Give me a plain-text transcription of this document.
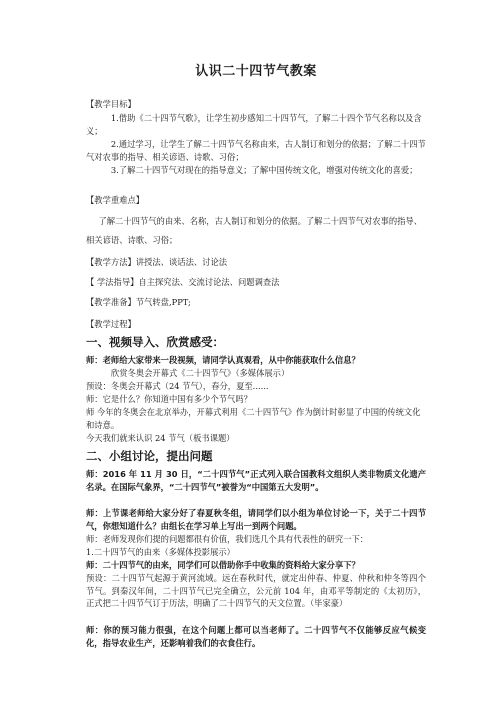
认识二十四节气教案
【教学目标】
1.借助《二十四节气歌》，让学生初步感知二十四节气，了解二十四个节气名称以及含义；
2.通过学习，让学生了解二十四节气名称由来，古人制订和划分的依据；了解二十四节气对农事的指导、相关谚语、诗歌、习俗；
3.了解二十四节气对现在的指导意义；了解中国传统文化，增强对传统文化的喜爱；
【教学重难点】
了解二十四节气的由来、名称，古人制订和划分的依据。了解二十四节气对农事的指导、相关谚语、诗歌、习俗；
【教学方法】讲授法、谈话法、讨论法
【 学法指导】自主探究法、交流讨论法、问题调查法
【教学准备】节气转盘,PPT;
【教学过程】
一、视频导入、欣赏感受：
师：老师给大家带来一段视频，请同学认真观看，从中你能获取什么信息？
欣赏冬奥会开幕式《二十四节气》（多媒体展示）
预设：冬奥会开幕式（24 节气），春分，夏至......
师：它是什么？你知道中国有多少个节气吗？
师 今年的冬奥会在北京举办，开幕式利用《二十四节气》作为倒计时彰显了中国的传统文化和诗意。
今天我们就来认识 24 节气（板书课题）
二、小组讨论，提出问题
师：2016 年 11 月 30 日，“二十四节气”正式列入联合国教科文组织人类非物质文化遗产名录。在国际气象界，“二十四节气”被誉为“中国第五大发明”。
师：上节课老师给大家分好了春夏秋冬组，请同学们以小组为单位讨论一下，关于二十四节气，你想知道什么？由组长在学习单上写出一到两个问题。
师：老师发现你们提的问题都很有价值，我们选几个具有代表性的研究一下：
1.二十四节气的由来（多媒体投影展示）
师：二十四节气的由来，同学们可以借助你手中收集的资料给大家分享下？
预设：二十四节气起源于黄河流域。远在春秋时代，就定出仲春、仲夏、仲秋和仲冬等四个节气。到秦汉年间，二十四节气已完全确立，公元前 104 年，由邓平等制定的《太初历》，正式把二十四节气订于历法，明确了二十四节气的天文位置。（毕家豪）
师：你的预习能力很强，在这个问题上都可以当老师了。二十四节气不仅能够反应气候变化，指导农业生产，还影响着我们的衣食住行。
